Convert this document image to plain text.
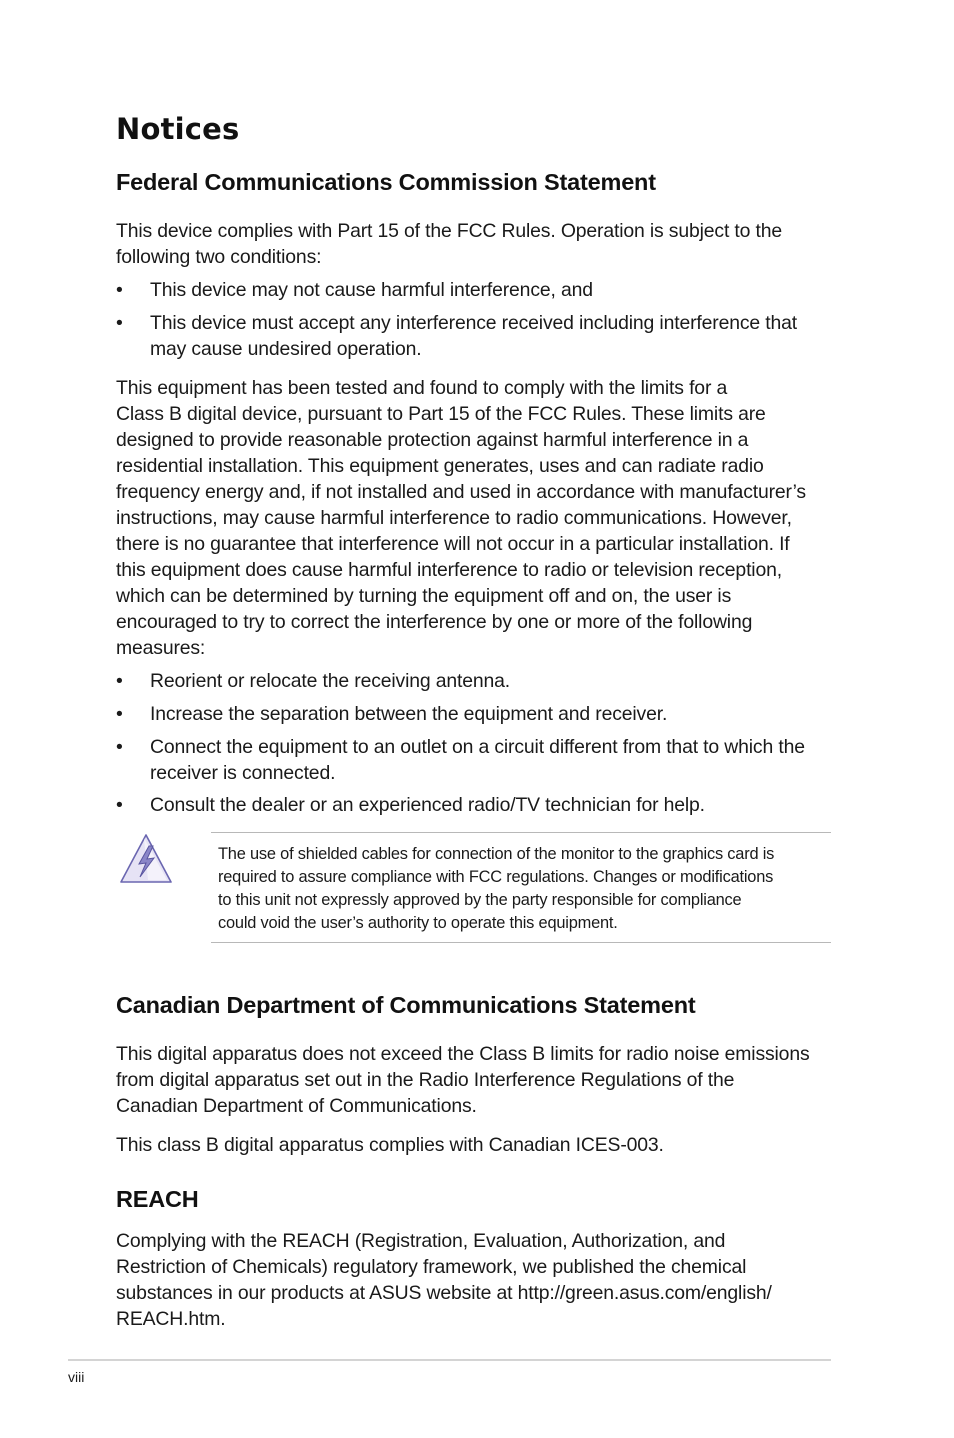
Notices
Federal Communications Commission Statement

This device complies with Part 15 of the FCC Rules. Operation is subject to the
following two conditions:

• This device may not cause harmful interference, and
• This device must accept any interference received including interference that
may cause undesired operation.

This equipment has been tested and found to comply with the limits for a
Class B digital device, pursuant to Part 15 of the FCC Rules. These limits are
designed to provide reasonable protection against harmful interference in a
residential installation. This equipment generates, uses and can radiate radio
frequency energy and, if not installed and used in accordance with manufacturer’s
instructions, may cause harmful interference to radio communications. However,
there is no guarantee that interference will not occur in a particular installation. If
this equipment does cause harmful interference to radio or television reception,
which can be determined by turning the equipment off and on, the user is
encouraged to try to correct the interference by one or more of the following
measures:

• Reorient or relocate the receiving antenna.
• Increase the separation between the equipment and receiver.
• Connect the equipment to an outlet on a circuit different from that to which the
receiver is connected.
• Consult the dealer or an experienced radio/TV technician for help.
The use of shielded cables for connection of the monitor to the graphics card is
required to assure compliance with FCC regulations. Changes or modifications
to this unit not expressly approved by the party responsible for compliance
could void the user’s authority to operate this equipment.
Canadian Department of Communications Statement

This digital apparatus does not exceed the Class B limits for radio noise emissions
from digital apparatus set out in the Radio Interference Regulations of the
Canadian Department of Communications.

This class B digital apparatus complies with Canadian ICES-003.

REACH

Complying with the REACH (Registration, Evaluation, Authorization, and
Restriction of Chemicals) regulatory framework, we published the chemical
substances in our products at ASUS website at http://green.asus.com/english/
REACH.htm.

viii
